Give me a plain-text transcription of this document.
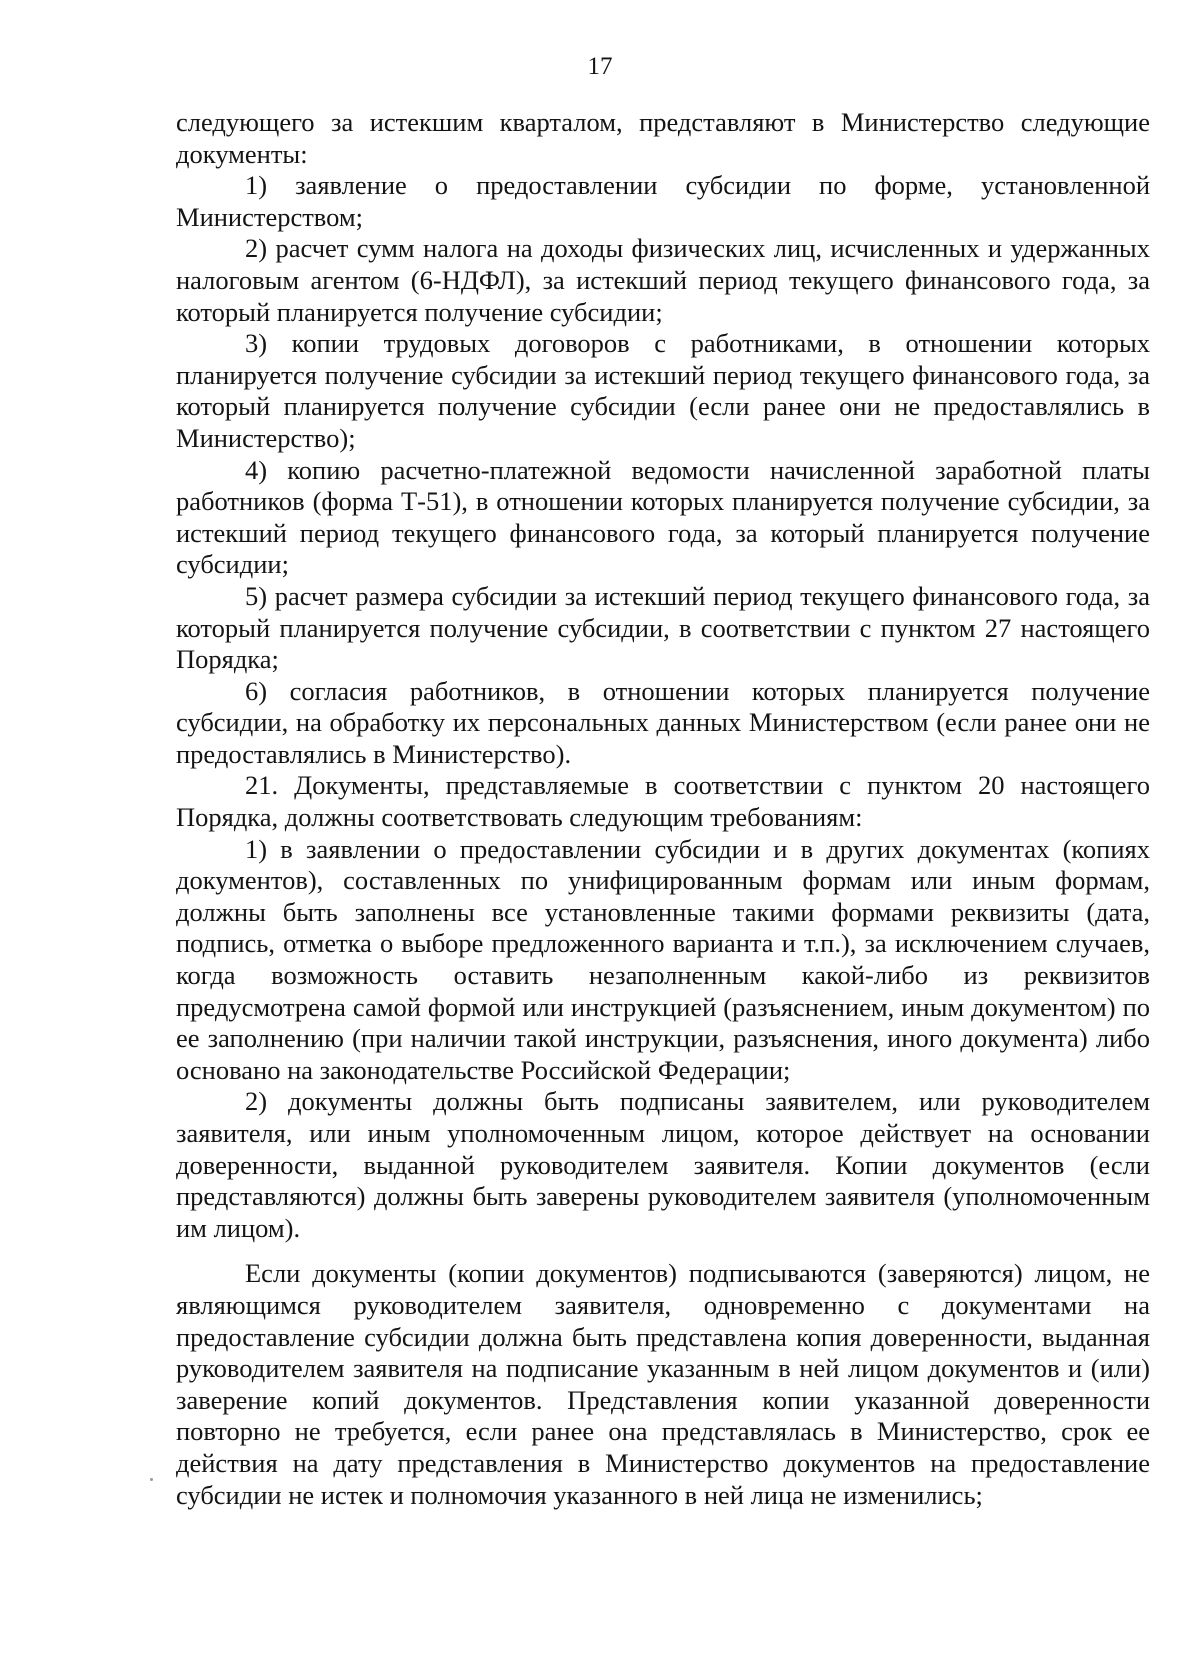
17

следующего за истекшим кварталом, представляют в Министерство следующие документы:

1) заявление о предоставлении субсидии по форме, установленной Министерством;

2) расчет сумм налога на доходы физических лиц, исчисленных и удержанных налоговым агентом (6-НДФЛ), за истекший период текущего финансового года, за который планируется получение субсидии;

3) копии трудовых договоров с работниками, в отношении которых планируется получение субсидии за истекший период текущего финансового года, за который планируется получение субсидии (если ранее они не предоставлялись в Министерство);

4) копию расчетно-платежной ведомости начисленной заработной платы работников (форма Т-51), в отношении которых планируется получение субсидии, за истекший период текущего финансового года, за который планируется получение субсидии;

5) расчет размера субсидии за истекший период текущего финансового года, за который планируется получение субсидии, в соответствии с пунктом 27 настоящего Порядка;

6) согласия работников, в отношении которых планируется получение субсидии, на обработку их персональных данных Министерством (если ранее они не предоставлялись в Министерство).

21. Документы, представляемые в соответствии с пунктом 20 настоящего Порядка, должны соответствовать следующим требованиям:

1) в заявлении о предоставлении субсидии и в других документах (копиях документов), составленных по унифицированным формам или иным формам, должны быть заполнены все установленные такими формами реквизиты (дата, подпись, отметка о выборе предложенного варианта и т.п.), за исключением случаев, когда возможность оставить незаполненным какой-либо из реквизитов предусмотрена самой формой или инструкцией (разъяснением, иным документом) по ее заполнению (при наличии такой инструкции, разъяснения, иного документа) либо основано на законодательстве Российской Федерации;

2) документы должны быть подписаны заявителем, или руководителем заявителя, или иным уполномоченным лицом, которое действует на основании доверенности, выданной руководителем заявителя. Копии документов (если представляются) должны быть заверены руководителем заявителя (уполномоченным им лицом).

Если документы (копии документов) подписываются (заверяются) лицом, не являющимся руководителем заявителя, одновременно с документами на предоставление субсидии должна быть представлена копия доверенности, выданная руководителем заявителя на подписание указанным в ней лицом документов и (или) заверение копий документов. Представления копии указанной доверенности повторно не требуется, если ранее она представлялась в Министерство, срок ее действия на дату представления в Министерство документов на предоставление субсидии не истек и полномочия указанного в ней лица не изменились;
